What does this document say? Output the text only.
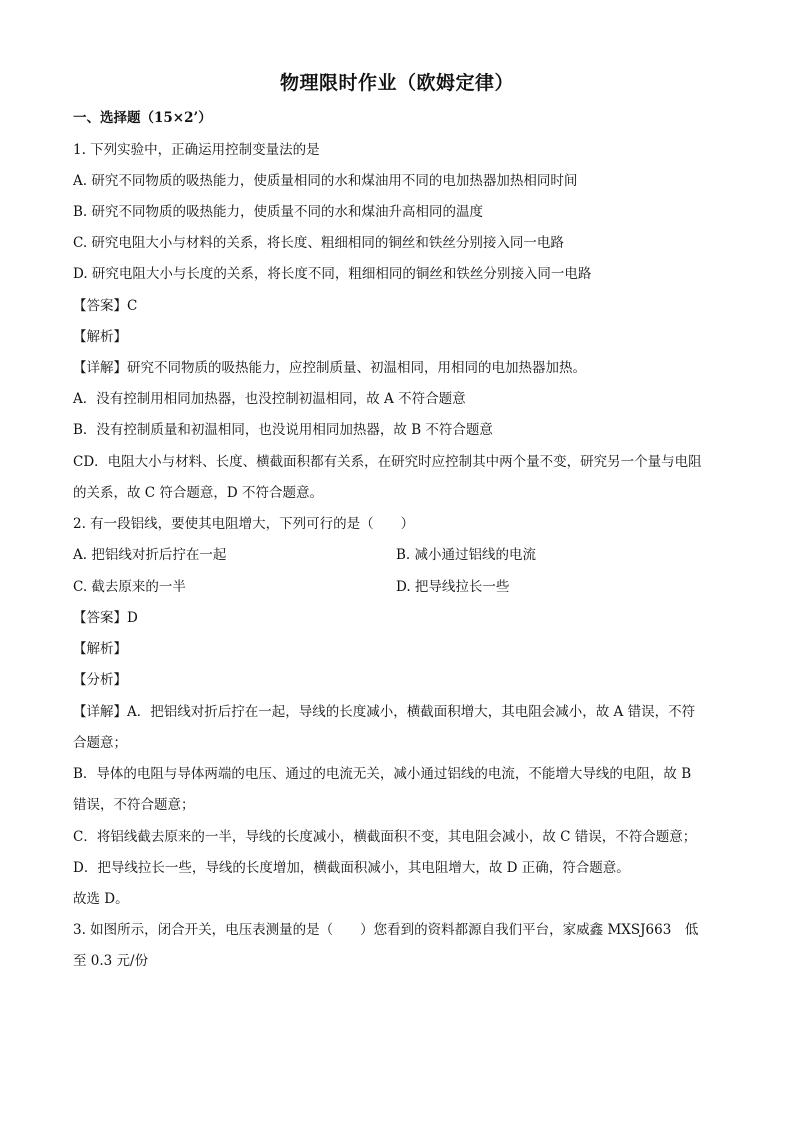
物理限时作业（欧姆定律）
一、选择题（15×2’）
1. 下列实验中，正确运用控制变量法的是
A. 研究不同物质的吸热能力，使质量相同的水和煤油用不同的电加热器加热相同时间
B. 研究不同物质的吸热能力，使质量不同的水和煤油升高相同的温度
C. 研究电阻大小与材料的关系，将长度、粗细相同的铜丝和铁丝分别接入同一电路
D. 研究电阻大小与长度的关系，将长度不同，粗细相同的铜丝和铁丝分别接入同一电路
【答案】C
【解析】
【详解】研究不同物质的吸热能力，应控制质量、初温相同，用相同的电加热器加热。
A．没有控制用相同加热器，也没控制初温相同，故 A 不符合题意
B．没有控制质量和初温相同，也没说用相同加热器，故 B 不符合题意
CD．电阻大小与材料、长度、横截面积都有关系，在研究时应控制其中两个量不变，研究另一个量与电阻
的关系，故 C 符合题意，D 不符合题意。
2. 有一段铝线，要使其电阻增大，下列可行的是（　　）
A. 把铝线对折后拧在一起	B. 减小通过铝线的电流
C. 截去原来的一半	D. 把导线拉长一些
【答案】D
【解析】
【分析】
【详解】A．把铝线对折后拧在一起，导线的长度减小，横截面积增大，其电阻会减小，故 A 错误，不符
合题意；
B．导体的电阻与导体两端的电压、通过的电流无关，减小通过铝线的电流，不能增大导线的电阻，故 B
错误，不符合题意；
C．将铝线截去原来的一半，导线的长度减小，横截面积不变，其电阻会减小，故 C 错误，不符合题意；
D．把导线拉长一些，导线的长度增加，横截面积减小，其电阻增大，故 D 正确，符合题意。
故选 D。
3. 如图所示，闭合开关，电压表测量的是（　　）您看到的资料都源自我们平台，家威鑫 MXSJ663　低
至 0.3 元/份
